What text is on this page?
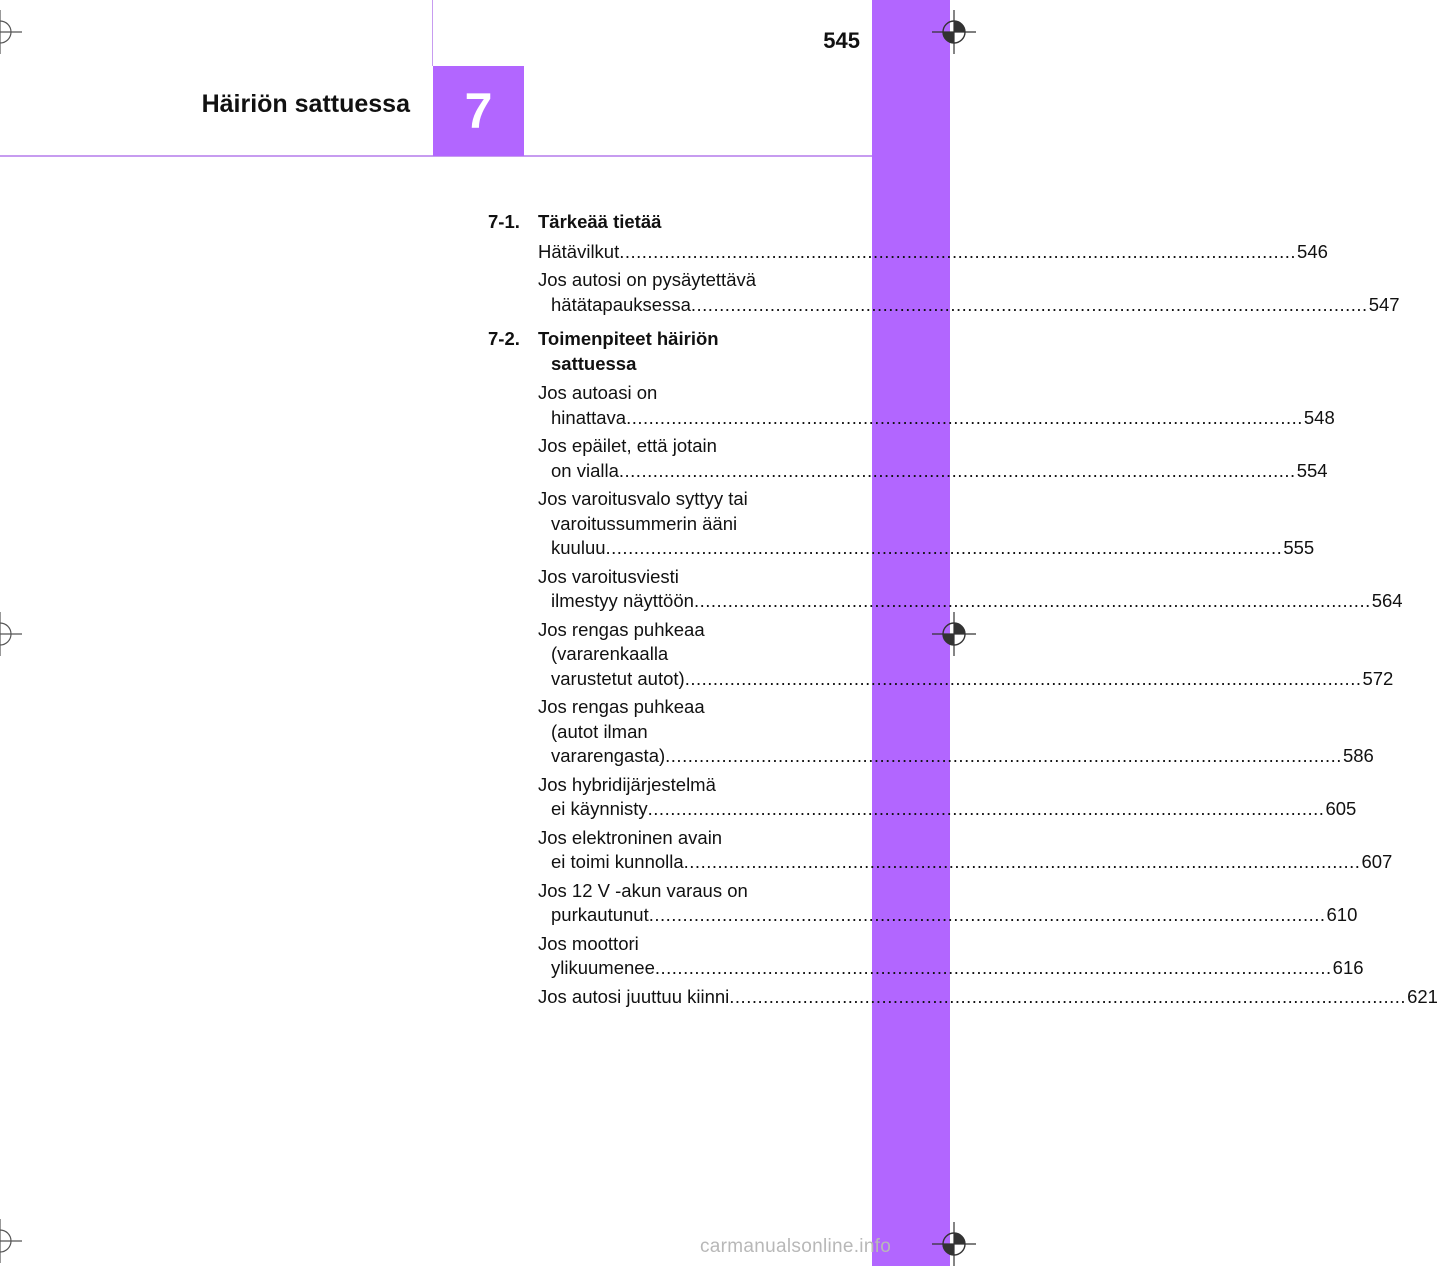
545
7
Häiriön sattuessa
7-1. Tärkeää tietää
Hätävilkut ........................................................................................................................ 546
Jos autosi on pysäytettävä
hätätapauksessa ........................................................................................................................ 547
7-2. Toimenpiteet häiriön
sattuessa
Jos autoasi on
hinattava ........................................................................................................................ 548
Jos epäilet, että jotain
on vialla ........................................................................................................................ 554
Jos varoitusvalo syttyy tai
varoitussummerin ääni
kuuluu ........................................................................................................................ 555
Jos varoitusviesti
ilmestyy näyttöön ........................................................................................................................ 564
Jos rengas puhkeaa
(vararenkaalla
varustetut autot) ........................................................................................................................ 572
Jos rengas puhkeaa
(autot ilman
vararengasta) ........................................................................................................................ 586
Jos hybridijärjestelmä
ei käynnisty ........................................................................................................................ 605
Jos elektroninen avain
ei toimi kunnolla ........................................................................................................................ 607
Jos 12 V -akun varaus on
purkautunut ........................................................................................................................ 610
Jos moottori
ylikuumenee ........................................................................................................................ 616
Jos autosi juuttuu kiinni ........................................................................................................................ 621
carmanualsonline.info
